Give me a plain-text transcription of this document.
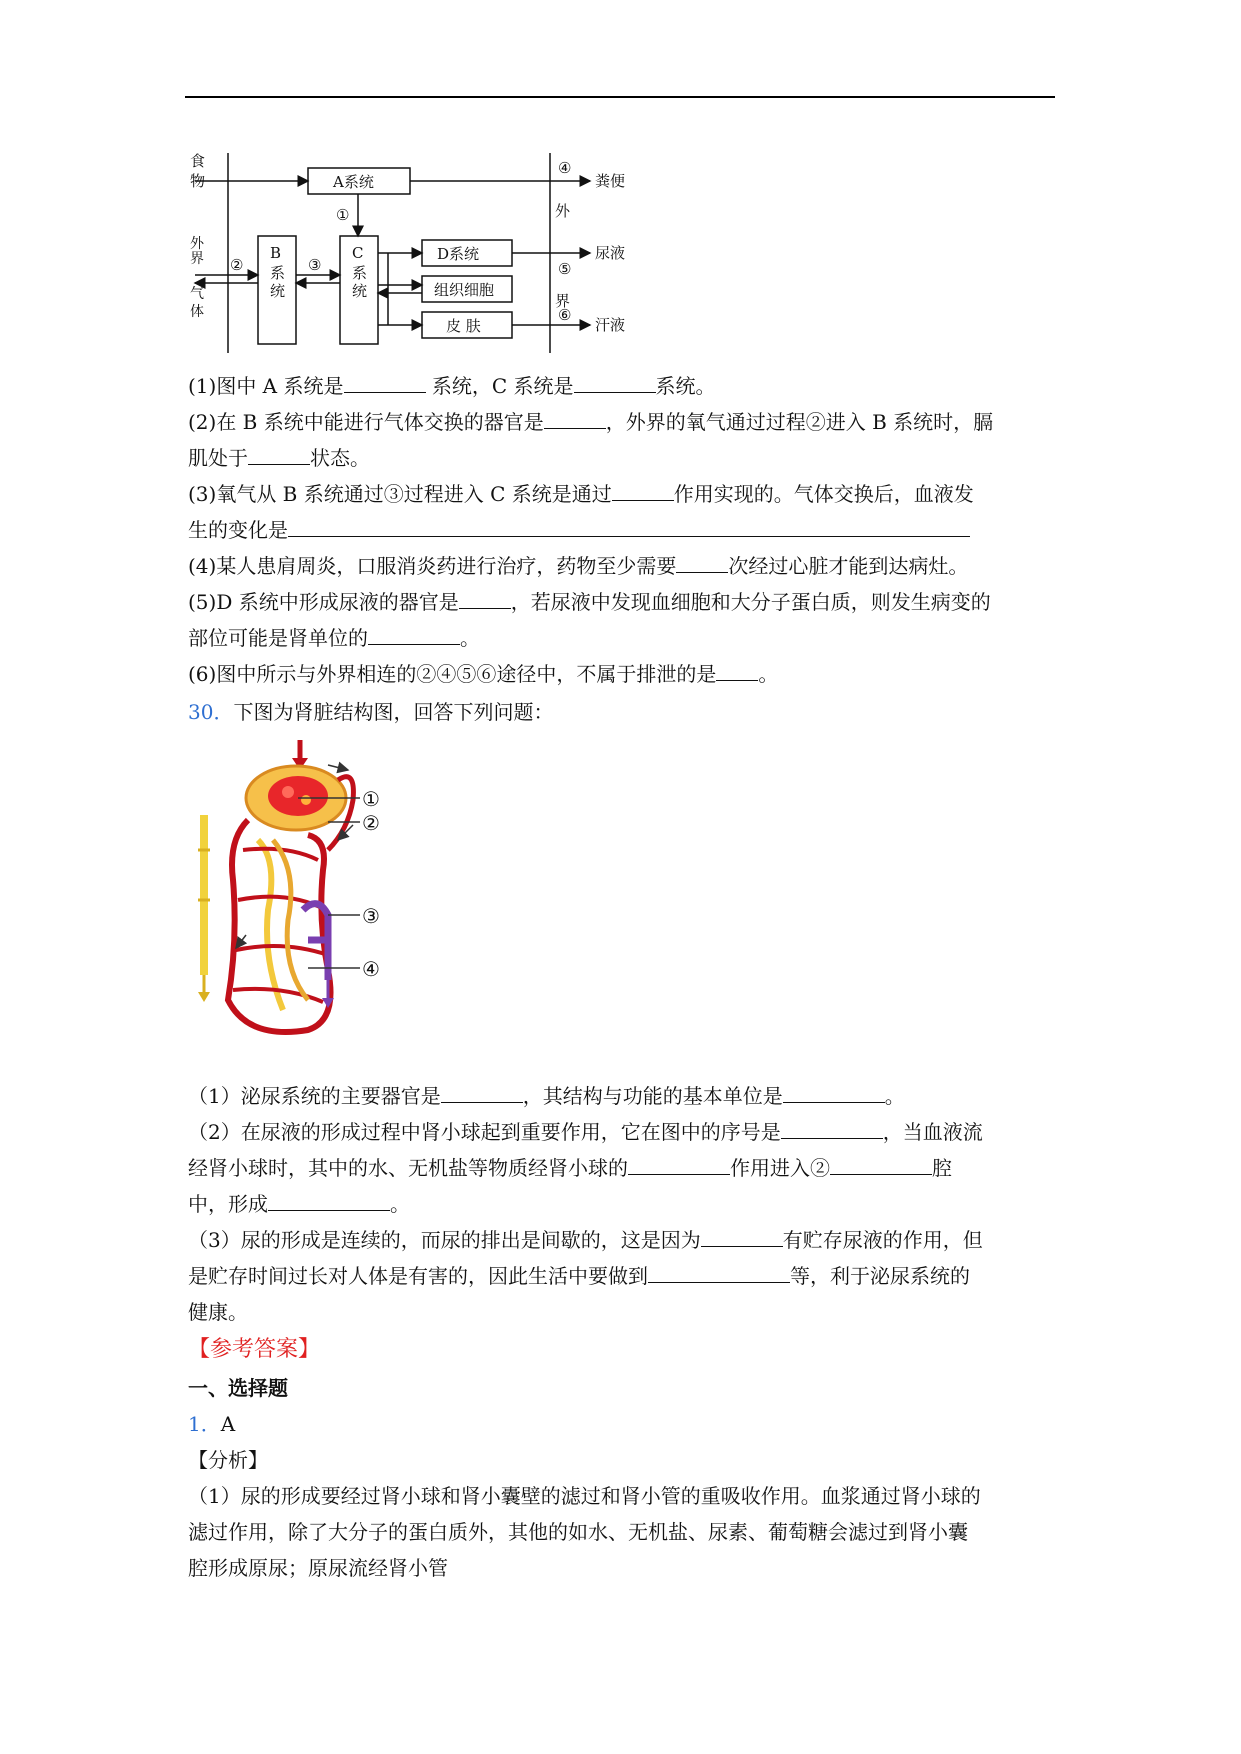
食
物
外
界
气
体
A系统
B
系
统
C
系
统
D系统
组织细胞
皮 肤
外
界
粪便
尿液
汗液
④
①
②	③	⑤
⑥
(1)图中 A 系统是	系统，C 系统是	系统。
(2)在 B 系统中能进行气体交换的器官是	，外界的氧气通过过程②进入 B 系统时，膈
肌处于	状态。
(3)氧气从 B 系统通过③过程进入 C 系统是通过	作用实现的。气体交换后，血液发
生的变化是
(4)某人患肩周炎，口服消炎药进行治疗，药物至少需要	次经过心脏才能到达病灶。
(5)D 系统中形成尿液的器官是	，若尿液中发现血细胞和大分子蛋白质，则发生病变的
部位可能是肾单位的	。
(6)图中所示与外界相连的②④⑤⑥途径中，不属于排泄的是 。
30．下图为肾脏结构图，回答下列问题：
①
②
③
④
（1）泌尿系统的主要器官是	，其结构与功能的基本单位是	。
（2）在尿液的形成过程中肾小球起到重要作用，它在图中的序号是	，当血液流
经肾小球时，其中的水、无机盐等物质经肾小球的	作用进入②	腔
中，形成	。
（3）尿的形成是连续的，而尿的排出是间歇的，这是因为	有贮存尿液的作用，但
是贮存时间过长对人体是有害的，因此生活中要做到	等，利于泌尿系统的
健康。
【参考答案】
一、选择题
1．A
【分析】
（1）尿的形成要经过肾小球和肾小囊壁的滤过和肾小管的重吸收作用。血浆通过肾小球的
滤过作用，除了大分子的蛋白质外，其他的如水、无机盐、尿素、葡萄糖会滤过到肾小囊
腔形成原尿；原尿流经肾小管
